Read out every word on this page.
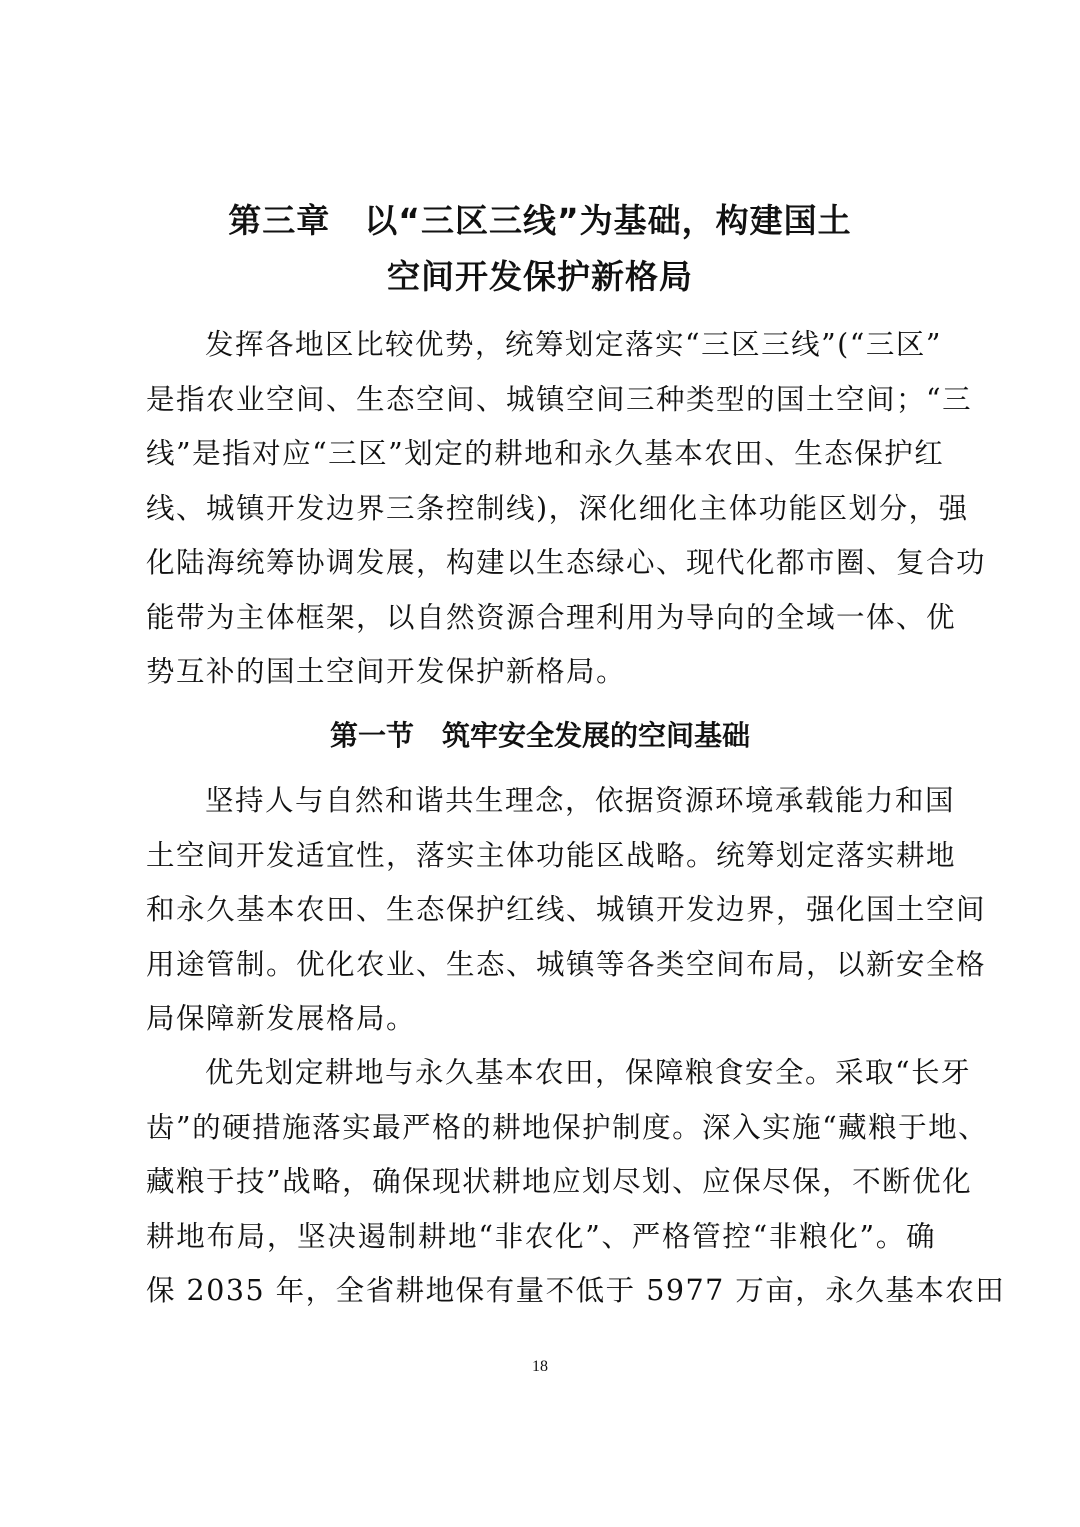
第三章　以“三区三线”为基础，构建国土
空间开发保护新格局
发挥各地区比较优势，统筹划定落实“三区三线”(“三区”
是指农业空间、生态空间、城镇空间三种类型的国土空间；“三
线”是指对应“三区”划定的耕地和永久基本农田、生态保护红
线、城镇开发边界三条控制线)，深化细化主体功能区划分，强
化陆海统筹协调发展，构建以生态绿心、现代化都市圈、复合功
能带为主体框架，以自然资源合理利用为导向的全域一体、优
势互补的国土空间开发保护新格局。
第一节　筑牢安全发展的空间基础
坚持人与自然和谐共生理念，依据资源环境承载能力和国
土空间开发适宜性，落实主体功能区战略。统筹划定落实耕地
和永久基本农田、生态保护红线、城镇开发边界，强化国土空间
用途管制。优化农业、生态、城镇等各类空间布局，以新安全格
局保障新发展格局。
优先划定耕地与永久基本农田，保障粮食安全。采取“长牙
齿”的硬措施落实最严格的耕地保护制度。深入实施“藏粮于地、
藏粮于技”战略，确保现状耕地应划尽划、应保尽保，不断优化
耕地布局，坚决遏制耕地“非农化”、严格管控“非粮化”。确
保 2035 年，全省耕地保有量不低于 5977 万亩，永久基本农田
18
